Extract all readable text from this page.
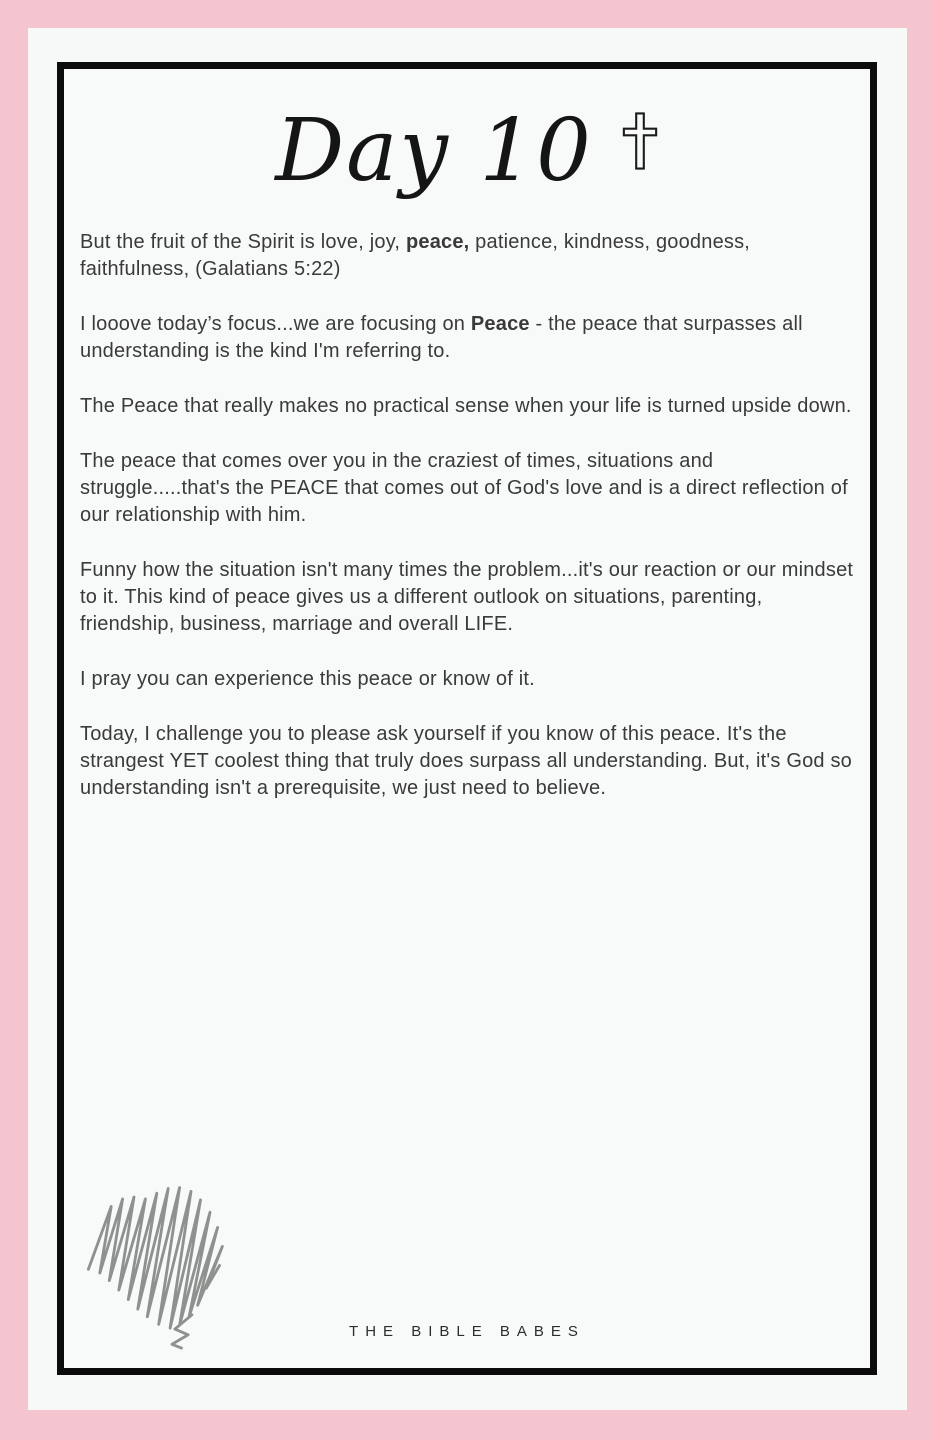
Day 10

But the fruit of the Spirit is love, joy, peace, patience, kindness, goodness, faithfulness, (Galatians 5:22)

I looove today’s focus...we are focusing on Peace - the peace that surpasses all understanding is the kind I'm referring to.

The Peace that really makes no practical sense when your life is turned upside down.

The peace that comes over you in the craziest of times, situations and struggle.....that's the PEACE that comes out of God's love and is a direct reflection of our relationship with him.

Funny how the situation isn't many times the problem...it's our reaction or our mindset to it. This kind of peace gives us a different outlook on situations, parenting, friendship, business, marriage and overall LIFE.

I pray you can experience this peace or know of it.

Today, I challenge you to please ask yourself if you know of this peace. It's the strangest YET coolest thing that truly does surpass all understanding. But, it's God so understanding isn't a prerequisite, we just need to believe.

THE BIBLE BABES
